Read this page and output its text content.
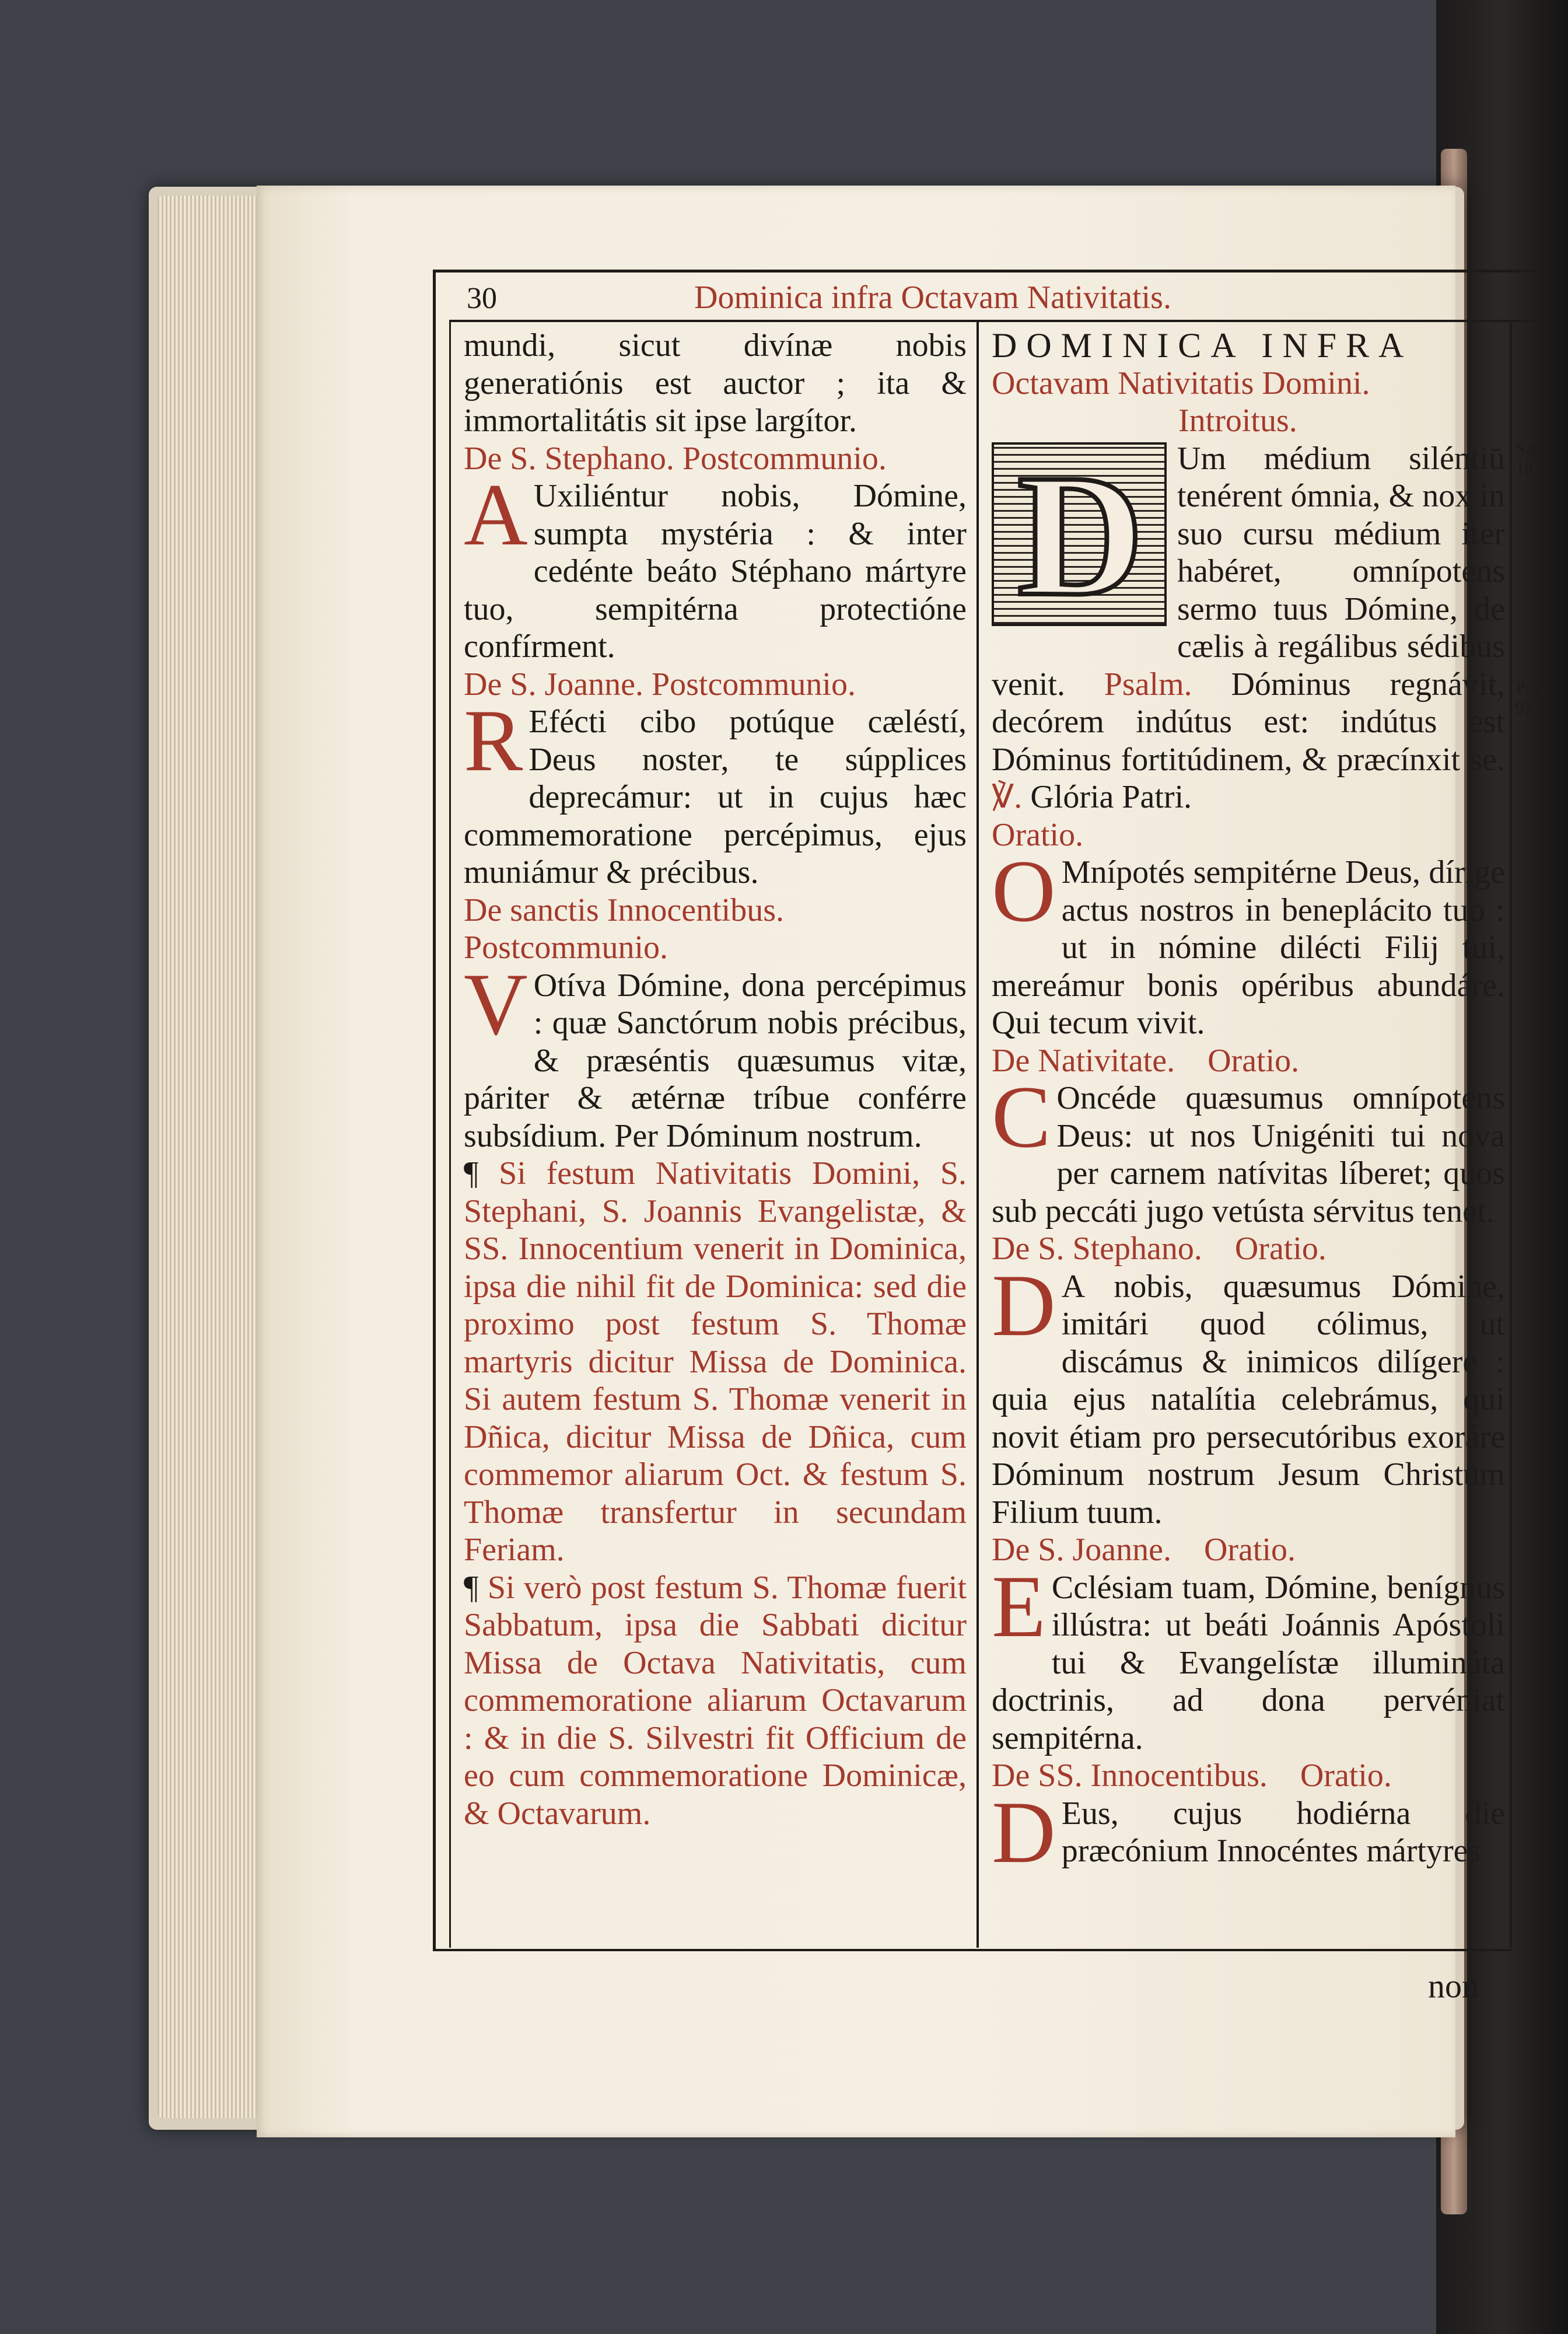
30	Dominica infra Octavam Nativitatis.

Sap. 18.

Psal. 92.

mundi, sicut divínæ nobis generatiónis est auctor ; ita & immortalitátis sit ipse largítor.

De S. Stephano. Postcommunio.

A Uxiliéntur nobis, Dómine, sumpta mystéria : & inter cedénte beáto Stéphano mártyre tuo, sempitérna protectióne confírment.

De S. Joanne. Postcommunio.

R Efécti cibo potúque cæléstí, Deus noster, te súpplices deprecámur: ut in cujus hæc commemoratione percépimus, ejus muniámur & précibus.

De sanctis Innocentibus.

Postcommunio.

V Otíva Dómine, dona percépimus : quæ Sanctórum nobis précibus, & præséntis quæsumus vitæ, páriter & ætérnæ tríbue conférre subsídium. Per Dóminum nostrum.

¶ Si festum Nativitatis Domini, S. Stephani, S. Joannis Evangelistæ, & SS. Innocentium venerit in Dominica, ipsa die nihil fit de Dominica: sed die proximo post festum S. Thomæ martyris dicitur Missa de Dominica. Si autem festum S. Thomæ venerit in Dñica, dicitur Missa de Dñica, cum commemor aliarum Oct. & festum S. Thomæ transfertur in secundam Feriam.

¶ Si verò post festum S. Thomæ fuerit Sabbatum, ipsa die Sabbati dicitur Missa de Octava Nativitatis, cum commemoratione aliarum Octavarum : & in die S. Silvestri fit Officium de eo cum commemoratione Dominicæ, & Octavarum.

DOMINICA INFRA

Octavam Nativitatis Domini.

Introitus.

D	Um médium siléntiū tenérent ómnia, & nox in suo cursu médium iter habéret, omnípotens sermo tuus Dómine, de cælis à regálibus sédibus venit. Psalm. Dóminus regnávit, decórem indútus est: indútus est Dóminus fortitúdinem, & præcínxit se. ℣. Glória Patri.

Oratio.

O Mnípotés sempitérne Deus, dírige actus nostros in beneplácito tuo : ut in nómine dilécti Filij tui, mereámur bonis opéribus abundáre. Qui tecum vivit.

De Nativitate.    Oratio.

C Oncéde quæsumus omnípotens Deus: ut nos Unigéniti tui nova per carnem natívitas líberet; quos sub peccáti jugo vetústa sérvitus tenet.

De S. Stephano.    Oratio.

D A nobis, quæsumus Dómine, imitári quod cólimus, ut discámus & inimicos dilígere : quia ejus natalítia celebrámus, qui novit étiam pro persecutóribus exoráre Dóminum nostrum Jesum Christum Filium tuum.

De S. Joanne.    Oratio.

E Cclésiam tuam, Dómine, benígnus illústra: ut beáti Joánnis Apóstoli tui & Evangelístæ illumináta doctrinis, ad dona pervéniat sempitérna.

De SS. Innocentibus.    Oratio.

D Eus, cujus hodiérna die præcónium Innocéntes mártyres

non
